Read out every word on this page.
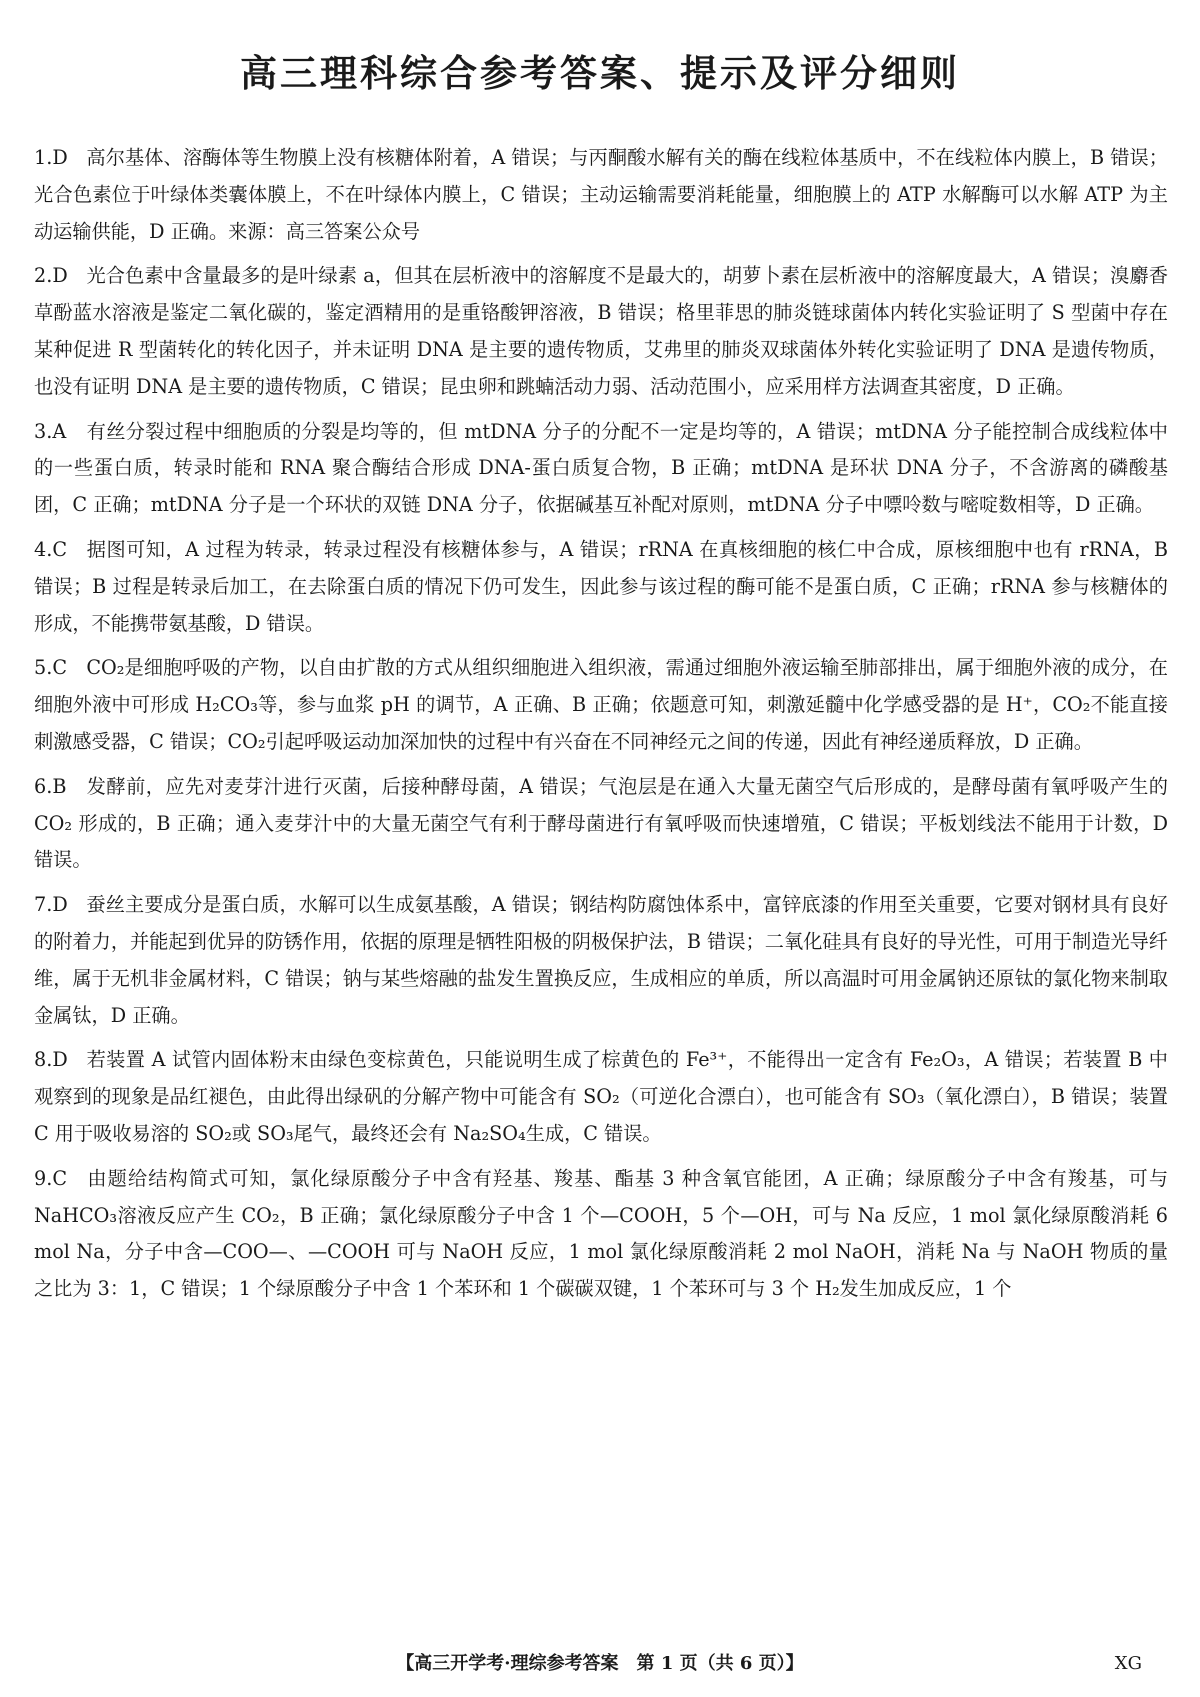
高三理科综合参考答案、提示及评分细则
1.D 高尔基体、溶酶体等生物膜上没有核糖体附着，A 错误；与丙酮酸水解有关的酶在线粒体基质中，不在线粒体内膜上，B 错误；光合色素位于叶绿体类囊体膜上，不在叶绿体内膜上，C 错误；主动运输需要消耗能量，细胞膜上的 ATP 水解酶可以水解 ATP 为主动运输供能，D 正确。来源：高三答案公众号
2.D 光合色素中含量最多的是叶绿素 a，但其在层析液中的溶解度不是最大的，胡萝卜素在层析液中的溶解度最大，A 错误；溴麝香草酚蓝水溶液是鉴定二氧化碳的，鉴定酒精用的是重铬酸钾溶液，B 错误；格里菲思的肺炎链球菌体内转化实验证明了 S 型菌中存在某种促进 R 型菌转化的转化因子，并未证明 DNA 是主要的遗传物质，艾弗里的肺炎双球菌体外转化实验证明了 DNA 是遗传物质，也没有证明 DNA 是主要的遗传物质，C 错误；昆虫卵和跳蝻活动力弱、活动范围小，应采用样方法调查其密度，D 正确。
3.A 有丝分裂过程中细胞质的分裂是均等的，但 mtDNA 分子的分配不一定是均等的，A 错误；mtDNA 分子能控制合成线粒体中的一些蛋白质，转录时能和 RNA 聚合酶结合形成 DNA-蛋白质复合物，B 正确；mtDNA 是环状 DNA 分子，不含游离的磷酸基团，C 正确；mtDNA 分子是一个环状的双链 DNA 分子，依据碱基互补配对原则，mtDNA 分子中嘌呤数与嘧啶数相等，D 正确。
4.C 据图可知，A 过程为转录，转录过程没有核糖体参与，A 错误；rRNA 在真核细胞的核仁中合成，原核细胞中也有 rRNA，B 错误；B 过程是转录后加工，在去除蛋白质的情况下仍可发生，因此参与该过程的酶可能不是蛋白质，C 正确；rRNA 参与核糖体的形成，不能携带氨基酸，D 错误。
5.C CO₂是细胞呼吸的产物，以自由扩散的方式从组织细胞进入组织液，需通过细胞外液运输至肺部排出，属于细胞外液的成分，在细胞外液中可形成 H₂CO₃等，参与血浆 pH 的调节，A 正确、B 正确；依题意可知，刺激延髓中化学感受器的是 H⁺，CO₂不能直接刺激感受器，C 错误；CO₂引起呼吸运动加深加快的过程中有兴奋在不同神经元之间的传递，因此有神经递质释放，D 正确。
6.B 发酵前，应先对麦芽汁进行灭菌，后接种酵母菌，A 错误；气泡层是在通入大量无菌空气后形成的，是酵母菌有氧呼吸产生的 CO₂ 形成的，B 正确；通入麦芽汁中的大量无菌空气有利于酵母菌进行有氧呼吸而快速增殖，C 错误；平板划线法不能用于计数，D 错误。
7.D 蚕丝主要成分是蛋白质，水解可以生成氨基酸，A 错误；钢结构防腐蚀体系中，富锌底漆的作用至关重要，它要对钢材具有良好的附着力，并能起到优异的防锈作用，依据的原理是牺牲阳极的阴极保护法，B 错误；二氧化硅具有良好的导光性，可用于制造光导纤维，属于无机非金属材料，C 错误；钠与某些熔融的盐发生置换反应，生成相应的单质，所以高温时可用金属钠还原钛的氯化物来制取金属钛，D 正确。
8.D 若装置 A 试管内固体粉末由绿色变棕黄色，只能说明生成了棕黄色的 Fe³⁺，不能得出一定含有 Fe₂O₃，A 错误；若装置 B 中观察到的现象是品红褪色，由此得出绿矾的分解产物中可能含有 SO₂（可逆化合漂白），也可能含有 SO₃（氧化漂白），B 错误；装置 C 用于吸收易溶的 SO₂或 SO₃尾气，最终还会有 Na₂SO₄生成，C 错误。
9.C 由题给结构简式可知，氯化绿原酸分子中含有羟基、羧基、酯基 3 种含氧官能团，A 正确；绿原酸分子中含有羧基，可与 NaHCO₃溶液反应产生 CO₂，B 正确；氯化绿原酸分子中含 1 个—COOH，5 个—OH，可与 Na 反应，1 mol 氯化绿原酸消耗 6 mol Na，分子中含—COO—、—COOH 可与 NaOH 反应，1 mol 氯化绿原酸消耗 2 mol NaOH，消耗 Na 与 NaOH 物质的量之比为 3：1，C 错误；1 个绿原酸分子中含 1 个苯环和 1 个碳碳双键，1 个苯环可与 3 个 H₂发生加成反应，1 个
【高三开学考·理综参考答案　第 1 页（共 6 页）】	XG
